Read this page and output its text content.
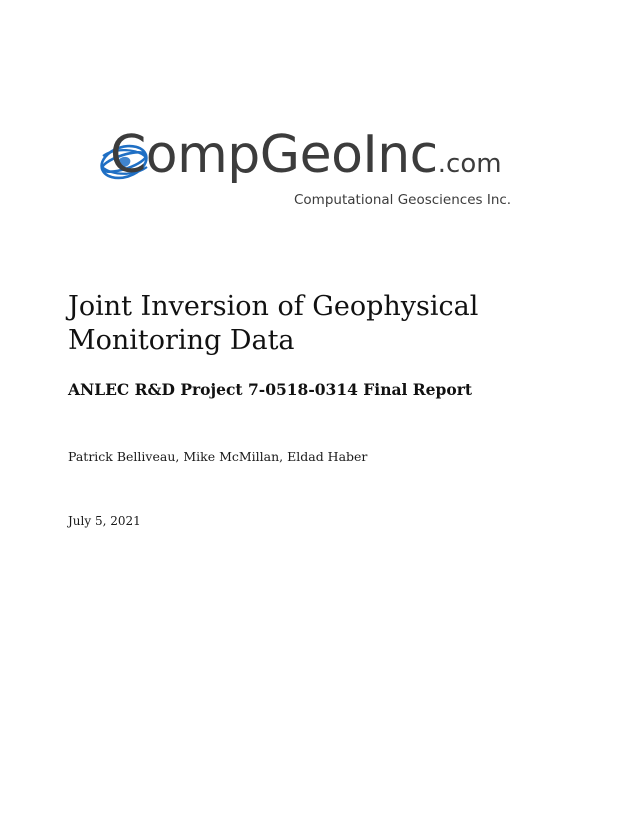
CompGeoInc.com
Computational Geosciences Inc.
Joint Inversion of Geophysical Monitoring Data
ANLEC R&D Project 7-0518-0314 Final Report
Patrick Belliveau, Mike McMillan, Eldad Haber
July 5, 2021
